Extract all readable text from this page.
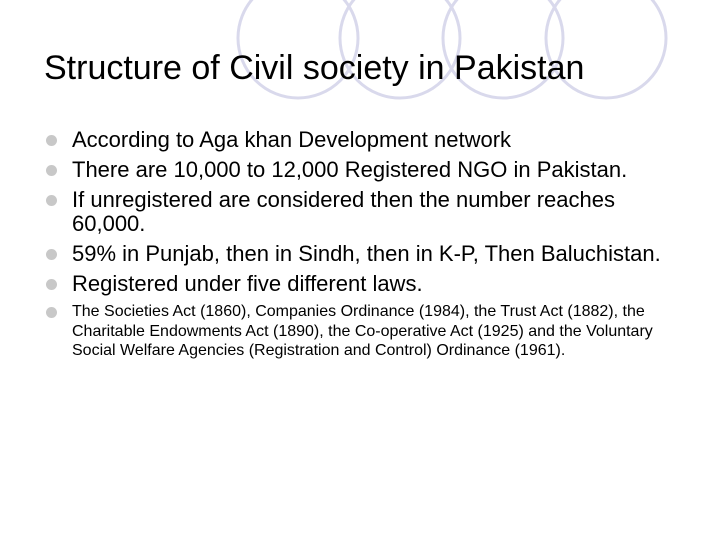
Structure of Civil society in Pakistan
According to Aga khan Development network
There are 10,000 to 12,000 Registered NGO in Pakistan.
If unregistered are considered then the number reaches 60,000.
59% in Punjab, then in Sindh, then in K-P, Then Baluchistan.
Registered under five different laws.
The Societies Act (1860), Companies Ordinance (1984), the Trust Act (1882), the Charitable Endowments Act (1890), the Co-operative Act (1925) and the Voluntary Social Welfare Agencies (Registration and Control) Ordinance (1961).
